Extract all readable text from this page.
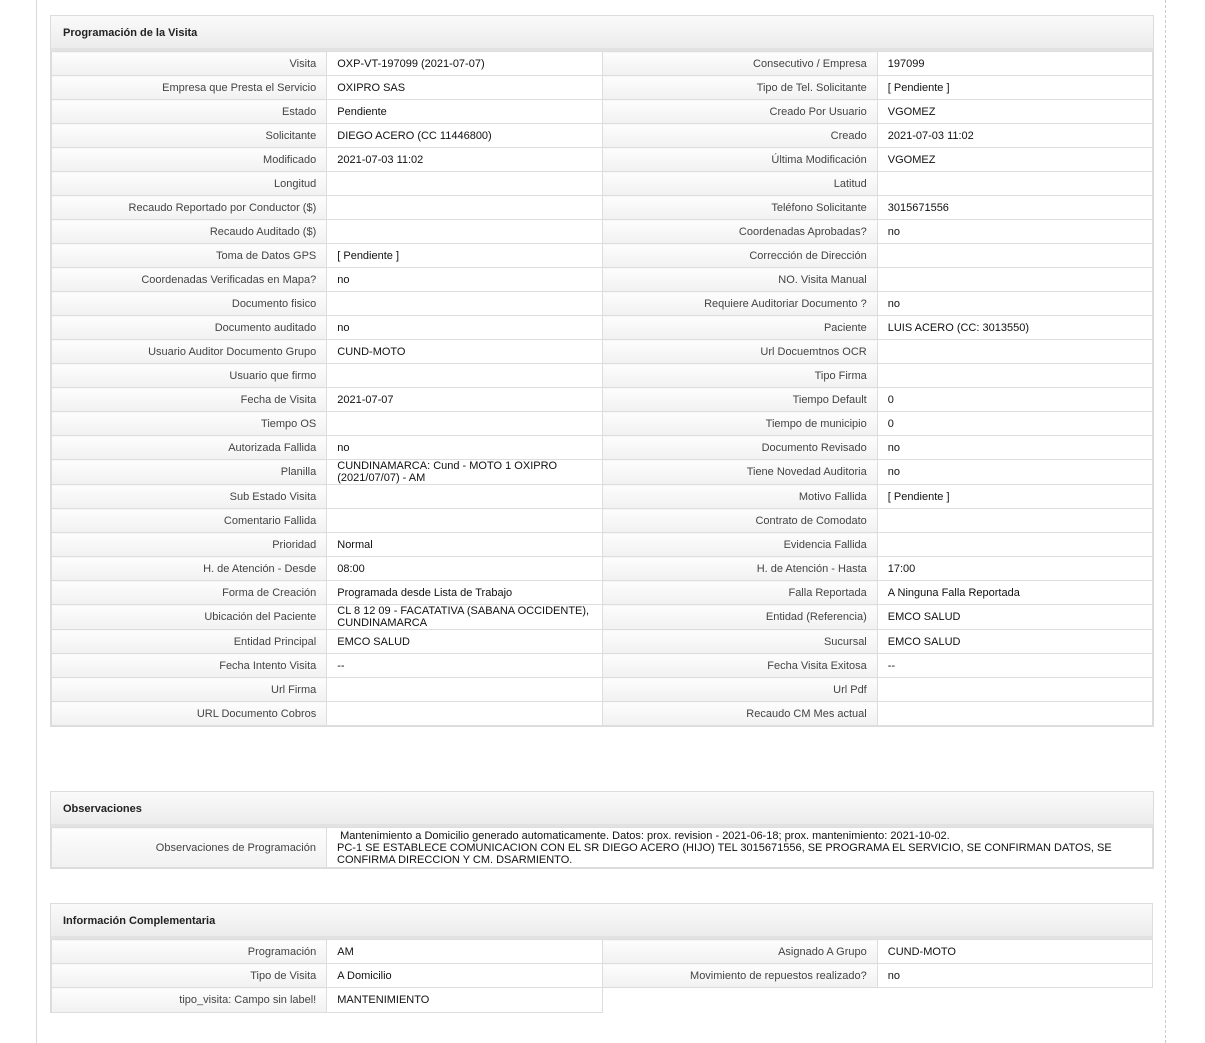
Programación de la Visita
Visita	OXP-VT-197099 (2021-07-07)	Consecutivo / Empresa	197099
Empresa que Presta el Servicio	OXIPRO SAS	Tipo de Tel. Solicitante	[ Pendiente ]
Estado	Pendiente	Creado Por Usuario	VGOMEZ
Solicitante	DIEGO ACERO (CC 11446800)	Creado	2021-07-03 11:02
Modificado	2021-07-03 11:02	Última Modificación	VGOMEZ
Longitud		Latitud	
Recaudo Reportado por Conductor ($)		Teléfono Solicitante	3015671556
Recaudo Auditado ($)		Coordenadas Aprobadas?	no
Toma de Datos GPS	[ Pendiente ]	Corrección de Dirección	
Coordenadas Verificadas en Mapa?	no	NO. Visita Manual	
Documento fisico		Requiere Auditoriar Documento ?	no
Documento auditado	no	Paciente	LUIS ACERO (CC: 3013550)
Usuario Auditor Documento Grupo	CUND-MOTO	Url Docuemtnos OCR	
Usuario que firmo		Tipo Firma	
Fecha de Visita	2021-07-07	Tiempo Default	0
Tiempo OS		Tiempo de municipio	0
Autorizada Fallida	no	Documento Revisado	no
Planilla	CUNDINAMARCA: Cund - MOTO 1 OXIPRO (2021/07/07) - AM	Tiene Novedad Auditoria	no
Sub Estado Visita		Motivo Fallida	[ Pendiente ]
Comentario Fallida		Contrato de Comodato	
Prioridad	Normal	Evidencia Fallida	
H. de Atención - Desde	08:00	H. de Atención - Hasta	17:00
Forma de Creación	Programada desde Lista de Trabajo	Falla Reportada	A Ninguna Falla Reportada
Ubicación del Paciente	CL 8 12 09 - FACATATIVA (SABANA OCCIDENTE), CUNDINAMARCA	Entidad (Referencia)	EMCO SALUD
Entidad Principal	EMCO SALUD	Sucursal	EMCO SALUD
Fecha Intento Visita	--	Fecha Visita Exitosa	--
Url Firma		Url Pdf	
URL Documento Cobros		Recaudo CM Mes actual	
Observaciones
Observaciones de Programación	Mantenimiento a Domicilio generado automaticamente. Datos: prox. revision - 2021-06-18; prox. mantenimiento: 2021-10-02.
PC-1 SE ESTABLECE COMUNICACION CON EL SR DIEGO ACERO (HIJO) TEL 3015671556, SE PROGRAMA EL SERVICIO, SE CONFIRMAN DATOS, SE CONFIRMA DIRECCION Y CM. DSARMIENTO.
Información Complementaria
Programación	AM	Asignado A Grupo	CUND-MOTO
Tipo de Visita	A Domicilio	Movimiento de repuestos realizado?	no
tipo_visita: Campo sin label!	MANTENIMIENTO		
